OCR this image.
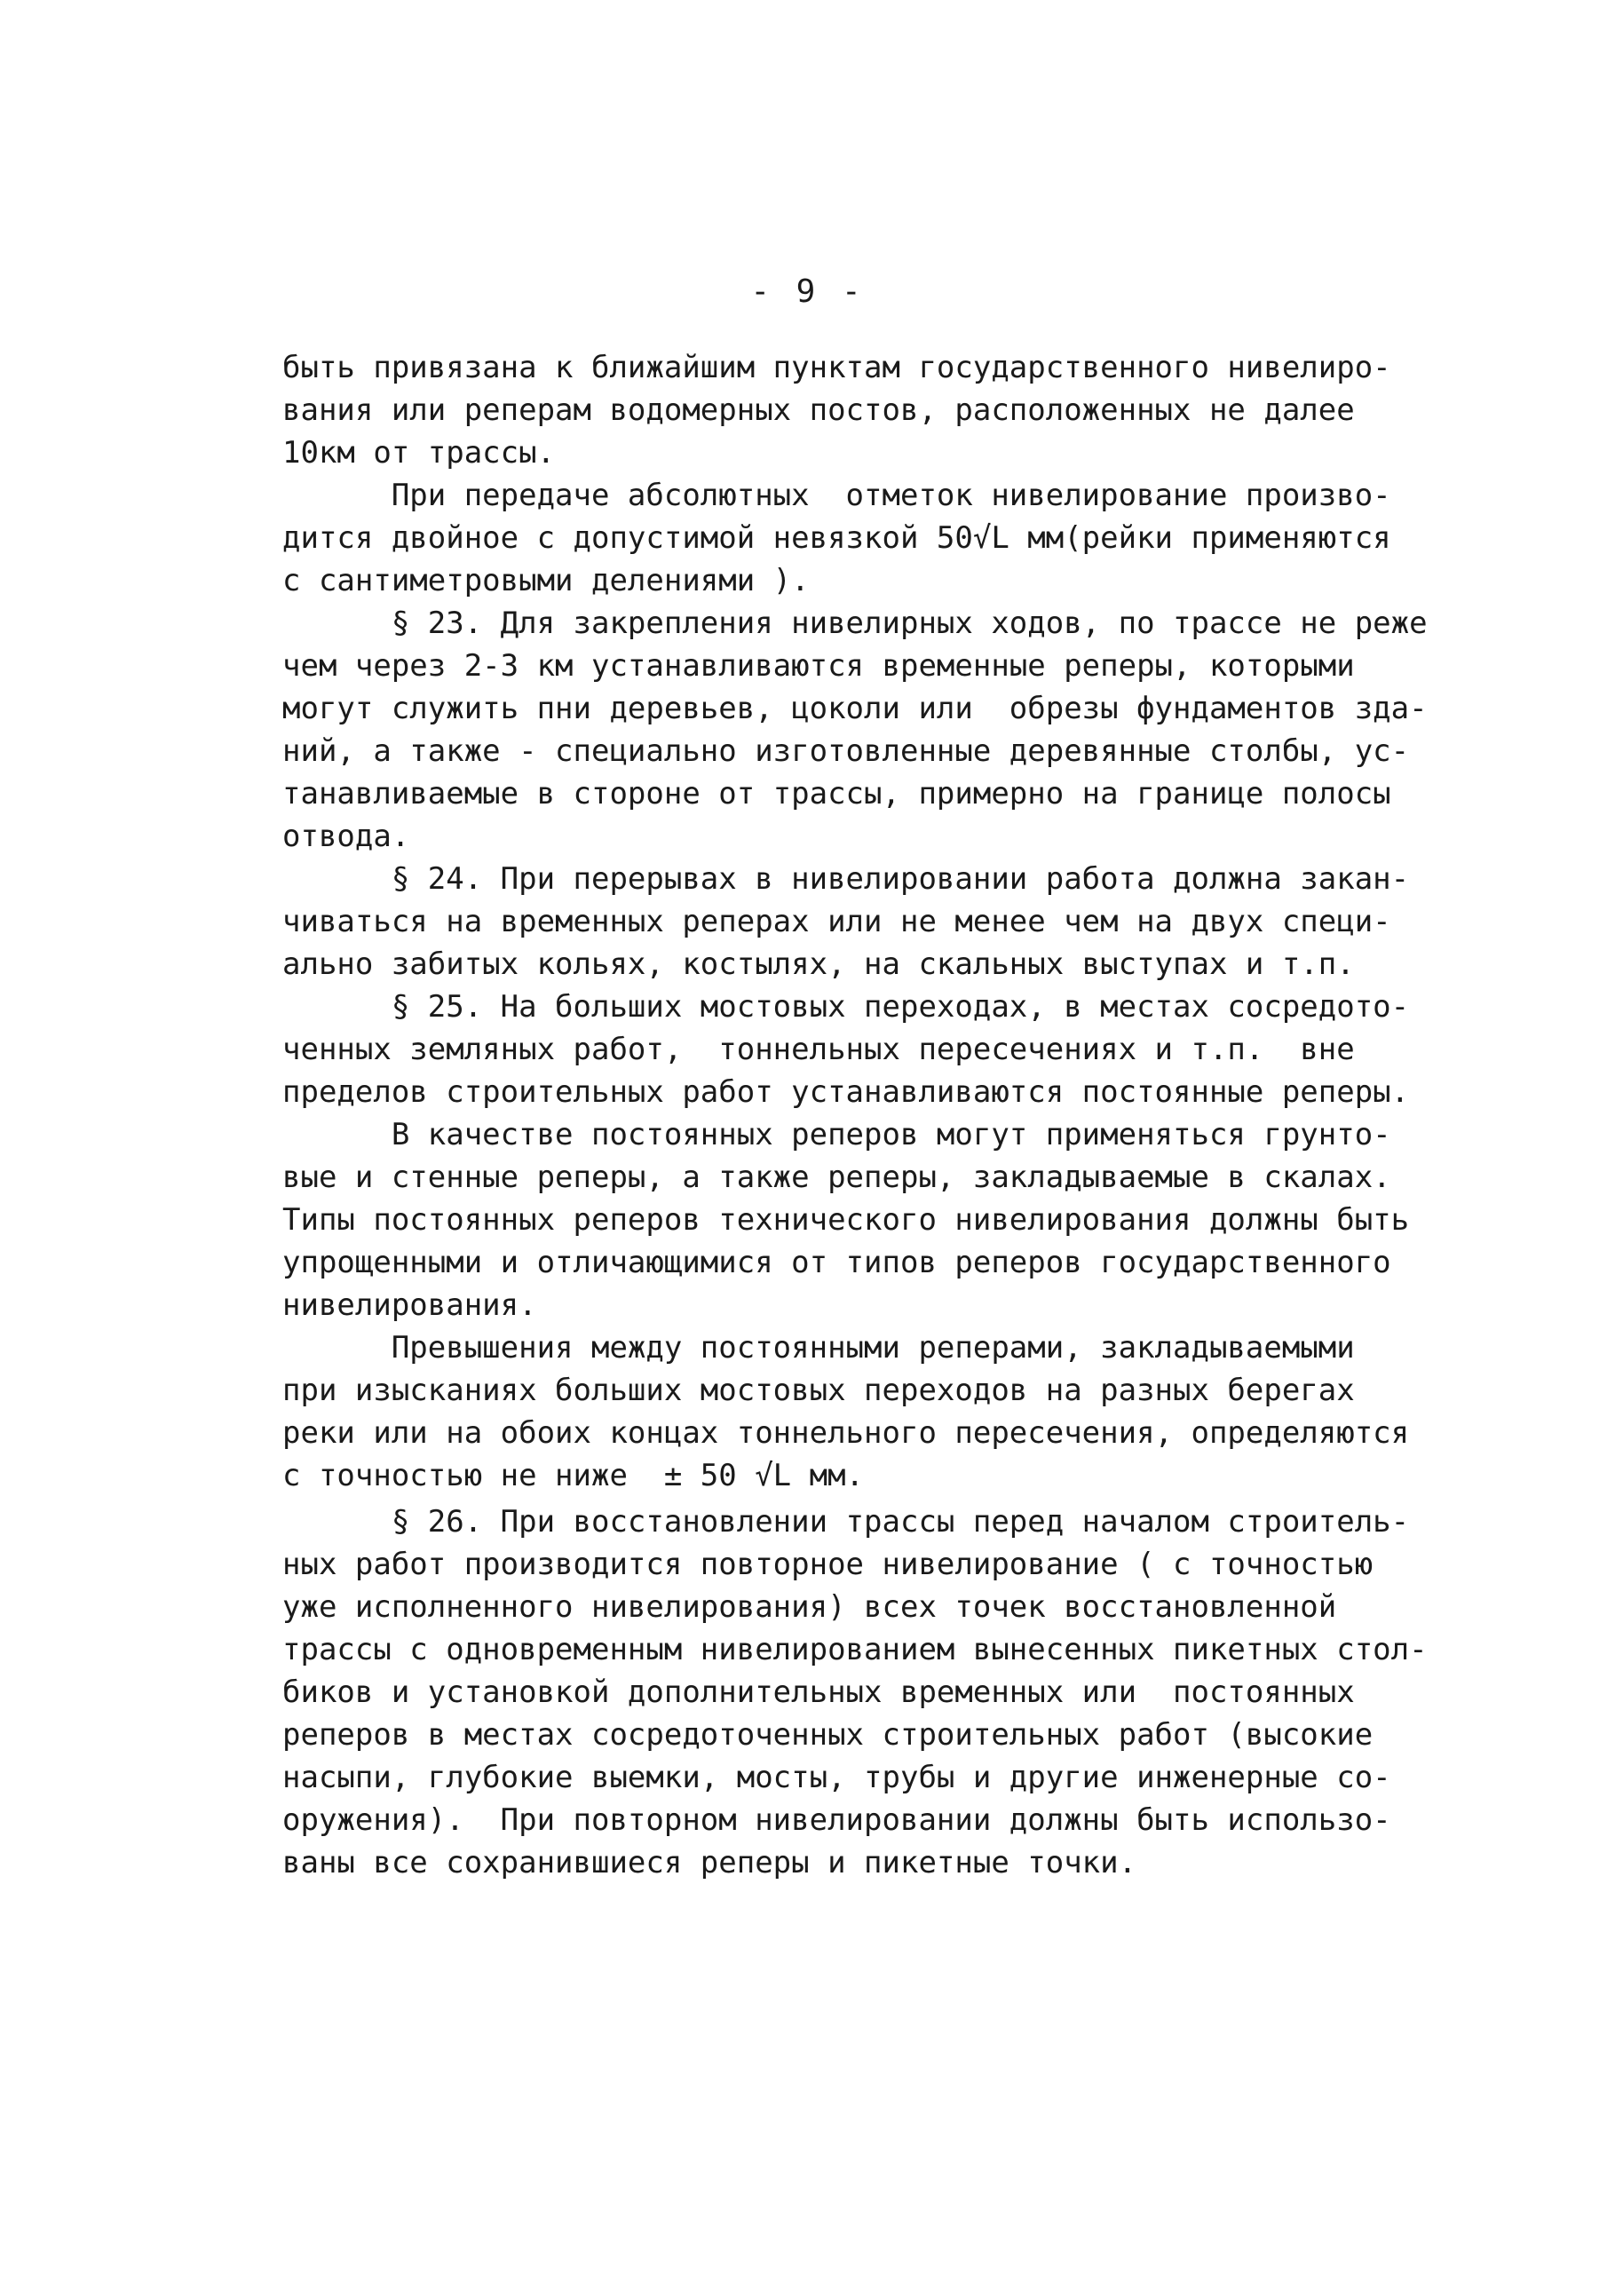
- 9 -
быть привязана к ближайшим пунктам государственного нивелиро-
вания или реперам водомерных постов, расположенных не далее
10км от трассы.
При передаче абсолютных  отметок нивелирование произво-
дится двойное с допустимой невязкой 50√L мм(рейки применяются
с сантиметровыми делениями ).
§ 23. Для закрепления нивелирных ходов, по трассе не реже
чем через 2-3 км устанавливаются временные реперы, которыми
могут служить пни деревьев, цоколи или  обрезы фундаментов зда-
ний, а также - специально изготовленные деревянные столбы, ус-
танавливаемые в стороне от трассы, примерно на границе полосы
отвода.
§ 24. При перерывах в нивелировании работа должна закан-
чиваться на временных реперах или не менее чем на двух специ-
ально забитых кольях, костылях, на скальных выступах и т.п.
§ 25. На больших мостовых переходах, в местах сосредото-
ченных земляных работ,  тоннельных пересечениях и т.п.  вне
пределов строительных работ устанавливаются постоянные реперы.
В качестве постоянных реперов могут применяться грунто-
вые и стенные реперы, а также реперы, закладываемые в скалах.
Типы постоянных реперов технического нивелирования должны быть
упрощенными и отличающимися от типов реперов государственного
нивелирования.
Превышения между постоянными реперами, закладываемыми
при изысканиях больших мостовых переходов на разных берегах
реки или на обоих концах тоннельного пересечения, определяются
с точностью не ниже  ± 50 √L мм.
§ 26. При восстановлении трассы перед началом строитель-
ных работ производится повторное нивелирование ( с точностью
уже исполненного нивелирования) всех точек восстановленной
трассы с одновременным нивелированием вынесенных пикетных стол-
биков и установкой дополнительных временных или  постоянных
реперов в местах сосредоточенных строительных работ (высокие
насыпи, глубокие выемки, мосты, трубы и другие инженерные со-
оружения).  При повторном нивелировании должны быть использо-
ваны все сохранившиеся реперы и пикетные точки.
